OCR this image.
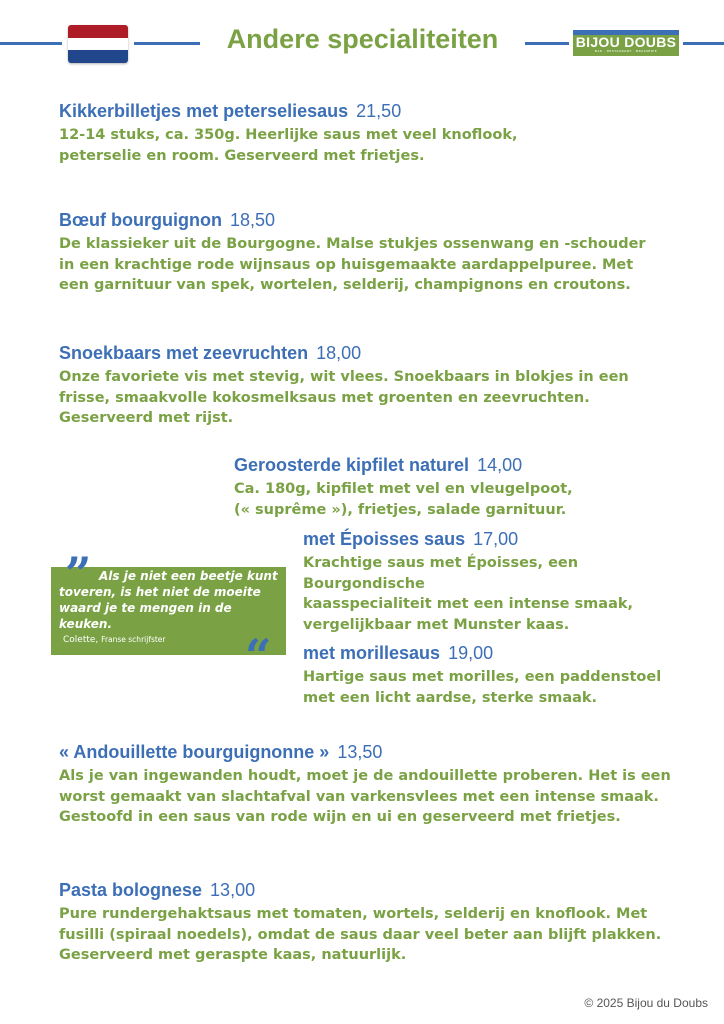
Andere specialiteiten	BIJOU DOUBS
BAR · RESTAURANT · BRASSERIE
Kikkerbilletjes met peterseliesaus 21,50
12-14 stuks, ca. 350g. Heerlijke saus met veel knoflook,
peterselie en room. Geserveerd met frietjes.
Bœuf bourguignon 18,50
De klassieker uit de Bourgogne. Malse stukjes ossenwang en -schouder
in een krachtige rode wijnsaus op huisgemaakte aardappelpuree. Met
een garnituur van spek, wortelen, selderij, champignons en croutons.
Snoekbaars met zeevruchten 18,00
Onze favoriete vis met stevig, wit vlees. Snoekbaars in blokjes in een
frisse, smaakvolle kokosmelksaus met groenten en zeevruchten.
Geserveerd met rijst.
Geroosterde kipfilet naturel 14,00
Ca. 180g, kipfilet met vel en vleugelpoot,
(« suprême »), frietjes, salade garnituur.
met Époisses saus 17,00
Krachtige saus met Époisses, een
Bourgondische
kaasspecialiteit met een intense smaak,
vergelijkbaar met Munster kaas.
met morillesaus 19,00
Hartige saus met morilles, een paddenstoel
met een licht aardse, sterke smaak.
” Als je niet een beetje kunt
toveren, is het niet de moeite
waard je te mengen in de
keuken.
Colette, Franse schrijfster “
« Andouillette bourguignonne » 13,50
Als je van ingewanden houdt, moet je de andouillette proberen. Het is een
worst gemaakt van slachtafval van varkensvlees met een intense smaak.
Gestoofd in een saus van rode wijn en ui en geserveerd met frietjes.
Pasta bolognese 13,00
Pure rundergehaktsaus met tomaten, wortels, selderij en knoflook. Met
fusilli (spiraal noedels), omdat de saus daar veel beter aan blijft plakken.
Geserveerd met geraspte kaas, natuurlijk.
© 2025 Bijou du Doubs
